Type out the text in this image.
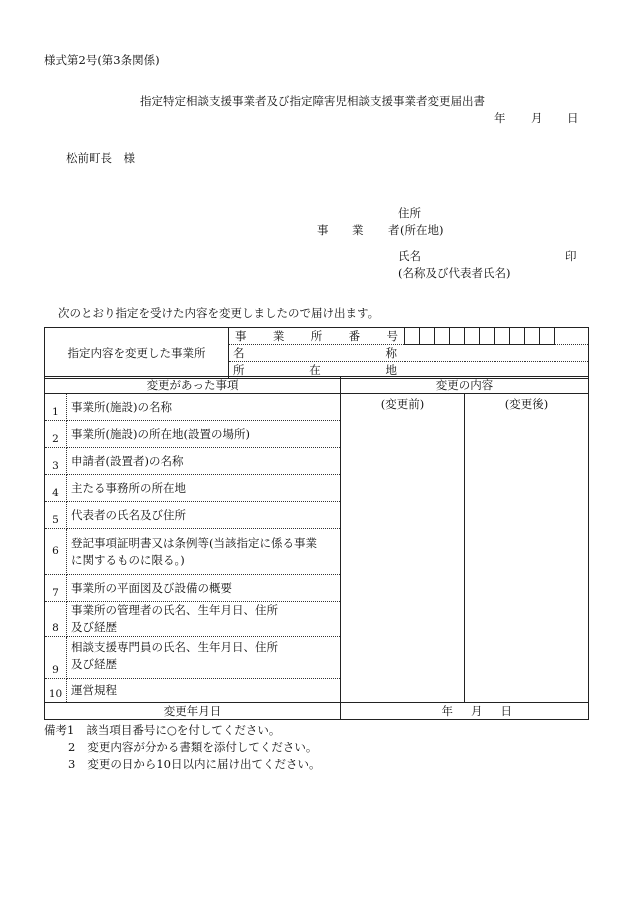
様式第2号(第3条関係)
指定特定相談支援事業者及び指定障害児相談支援事業者変更届出書
年 月 日
松前町長　様
住所
事 業 者 (所在地)
氏名	印
(名称及び代表者氏名)
次のとおり指定を受けた内容を変更しましたので届け出ます。
指定内容を変更した事業所	
事 業 所 番 号

名	称

所	在	地
変更があった事項		変更の内容	
1	事業所(施設)の名称	(変更前)	(変更後)

2	事業所(施設)の所在地(設置の場所)		
3	申請者(設置者)の名称		
4	主たる事務所の所在地		
5	代表者の氏名及び住所		
6	登記事項証明書又は条例等(当該指定に係る事業
に関するものに限る。)		

7	事業所の平面図及び設備の概要		
8	事業所の管理者の氏名、生年月日、住所
及び経歴		

9	相談支援専門員の氏名、生年月日、住所
及び経歴		

10	運営規程		
変更年月日		年 月 日	
備考1 該当項目番号に○を付してください。
2 変更内容が分かる書類を添付してください。
3 変更の日から10日以内に届け出てください。
